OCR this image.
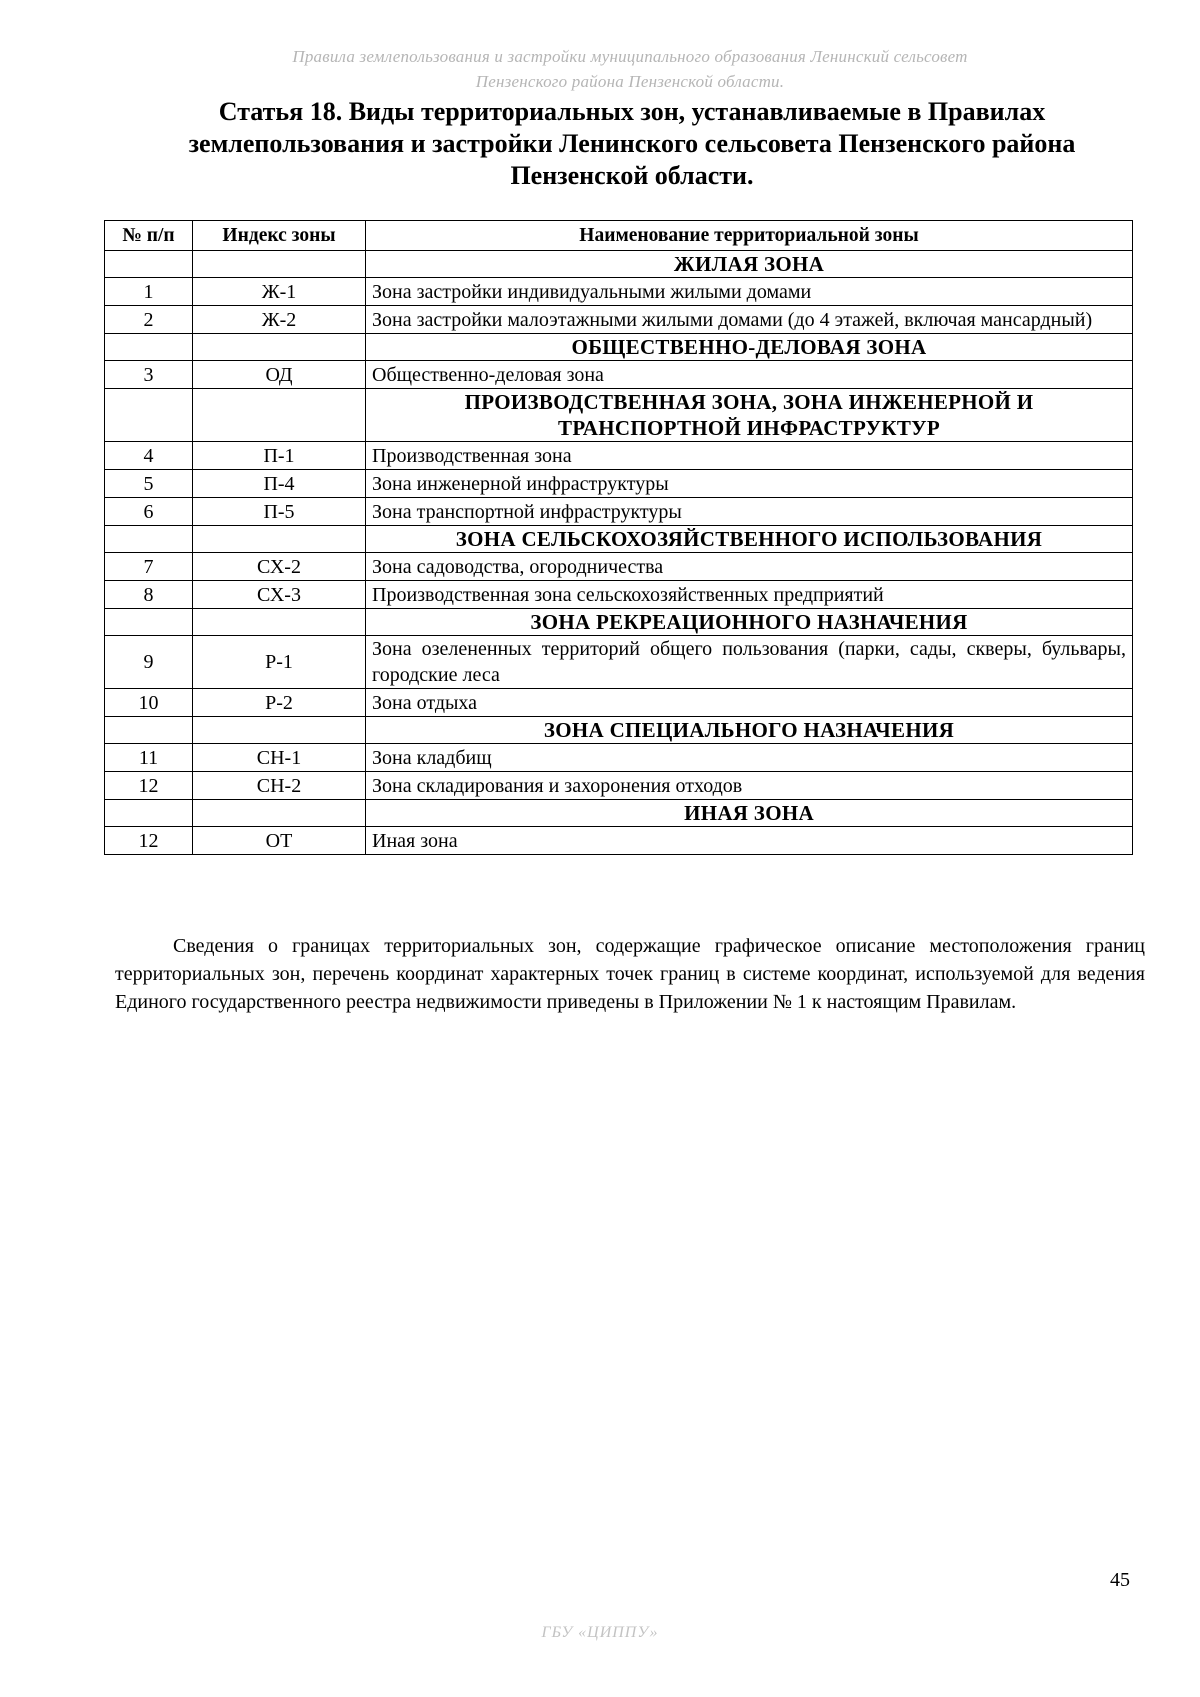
Правила землепользования и застройки муниципального образования Ленинский сельсовет
Пензенского района Пензенской области.
Статья 18. Виды территориальных зон, устанавливаемые в Правилах
землепользования и застройки Ленинского сельсовета Пензенского района
Пензенской области.
№ п/п	Индекс зоны	Наименование территориальной зоны
		ЖИЛАЯ ЗОНА
1	Ж-1	Зона застройки индивидуальными жилыми домами
2	Ж-2	Зона застройки малоэтажными жилыми домами (до 4 этажей, включая мансардный)
		ОБЩЕСТВЕННО-ДЕЛОВАЯ ЗОНА
3	ОД	Общественно-деловая зона
		ПРОИЗВОДСТВЕННАЯ ЗОНА, ЗОНА ИНЖЕНЕРНОЙ И ТРАНСПОРТНОЙ ИНФРАСТРУКТУР
4	П-1	Производственная зона
5	П-4	Зона инженерной инфраструктуры
6	П-5	Зона транспортной инфраструктуры
		ЗОНА СЕЛЬСКОХОЗЯЙСТВЕННОГО ИСПОЛЬЗОВАНИЯ
7	СХ-2	Зона садоводства, огородничества
8	СХ-3	Производственная зона сельскохозяйственных предприятий
		ЗОНА РЕКРЕАЦИОННОГО НАЗНАЧЕНИЯ
9	Р-1	Зона озелененных территорий общего пользования (парки, сады, скверы, бульвары, городские леса
10	Р-2	Зона отдыха
		ЗОНА СПЕЦИАЛЬНОГО НАЗНАЧЕНИЯ
11	СН-1	Зона кладбищ
12	СН-2	Зона складирования и захоронения отходов
		ИНАЯ ЗОНА
12	ОТ	Иная зона

Сведения о границах территориальных зон, содержащие графическое описание местоположения границ территориальных зон, перечень координат характерных точек границ в системе координат, используемой для ведения Единого государственного реестра недвижимости приведены в Приложении № 1 к настоящим Правилам.

45
ГБУ «ЦИППУ»
